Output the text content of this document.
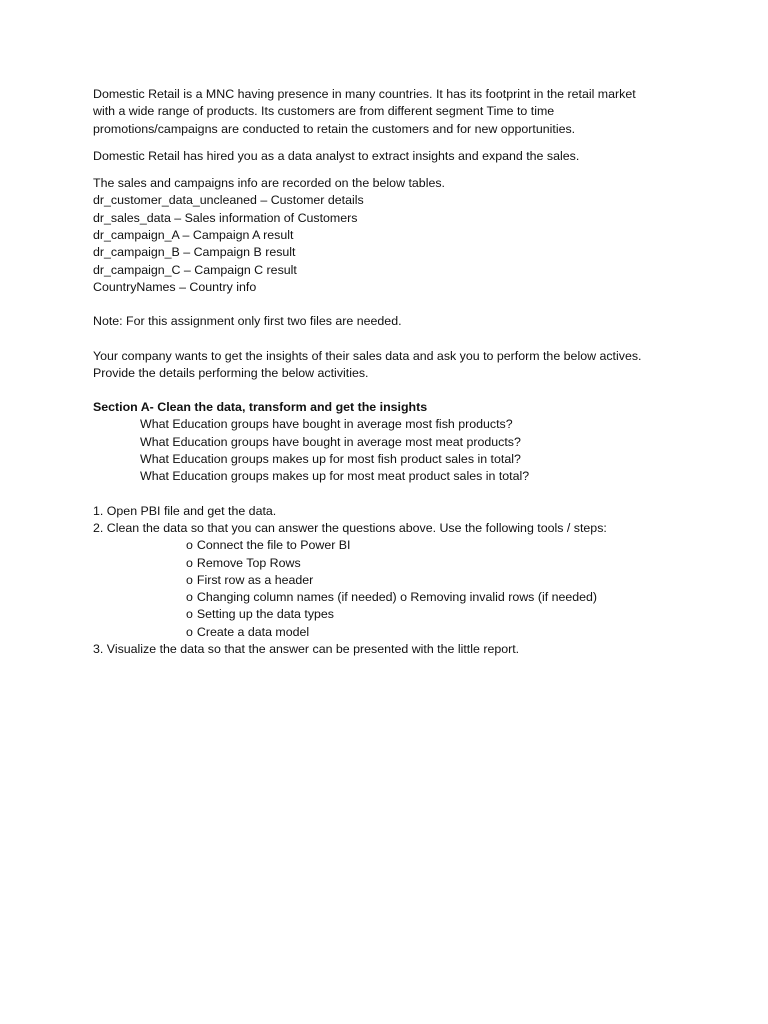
Domestic Retail is a MNC having presence in many countries. It has its footprint in the retail market

with a wide range of products. Its customers are from different segment Time to time

promotions/campaigns are conducted to retain the customers and for new opportunities.

Domestic Retail has hired you as a data analyst to extract insights and expand the sales.

The sales and campaigns info are recorded on the below tables.

dr_customer_data_uncleaned – Customer details

dr_sales_data – Sales information of Customers

dr_campaign_A – Campaign A result

dr_campaign_B – Campaign B result

dr_campaign_C – Campaign C result

CountryNames – Country info

Note: For this assignment only first two files are needed.

Your company wants to get the insights of their sales data and ask you to perform the below actives.

Provide the details performing the below activities.

Section A- Clean the data, transform and get the insights

What Education groups have bought in average most fish products?

What Education groups have bought in average most meat products?

What Education groups makes up for most fish product sales in total?

What Education groups makes up for most meat product sales in total?

1. Open PBI file and get the data.

2. Clean the data so that you can answer the questions above. Use the following tools / steps:

o Connect the file to Power BI

o Remove Top Rows

o First row as a header

o Changing column names (if needed) o Removing invalid rows (if needed)

o Setting up the data types

o Create a data model

3. Visualize the data so that the answer can be presented with the little report.
